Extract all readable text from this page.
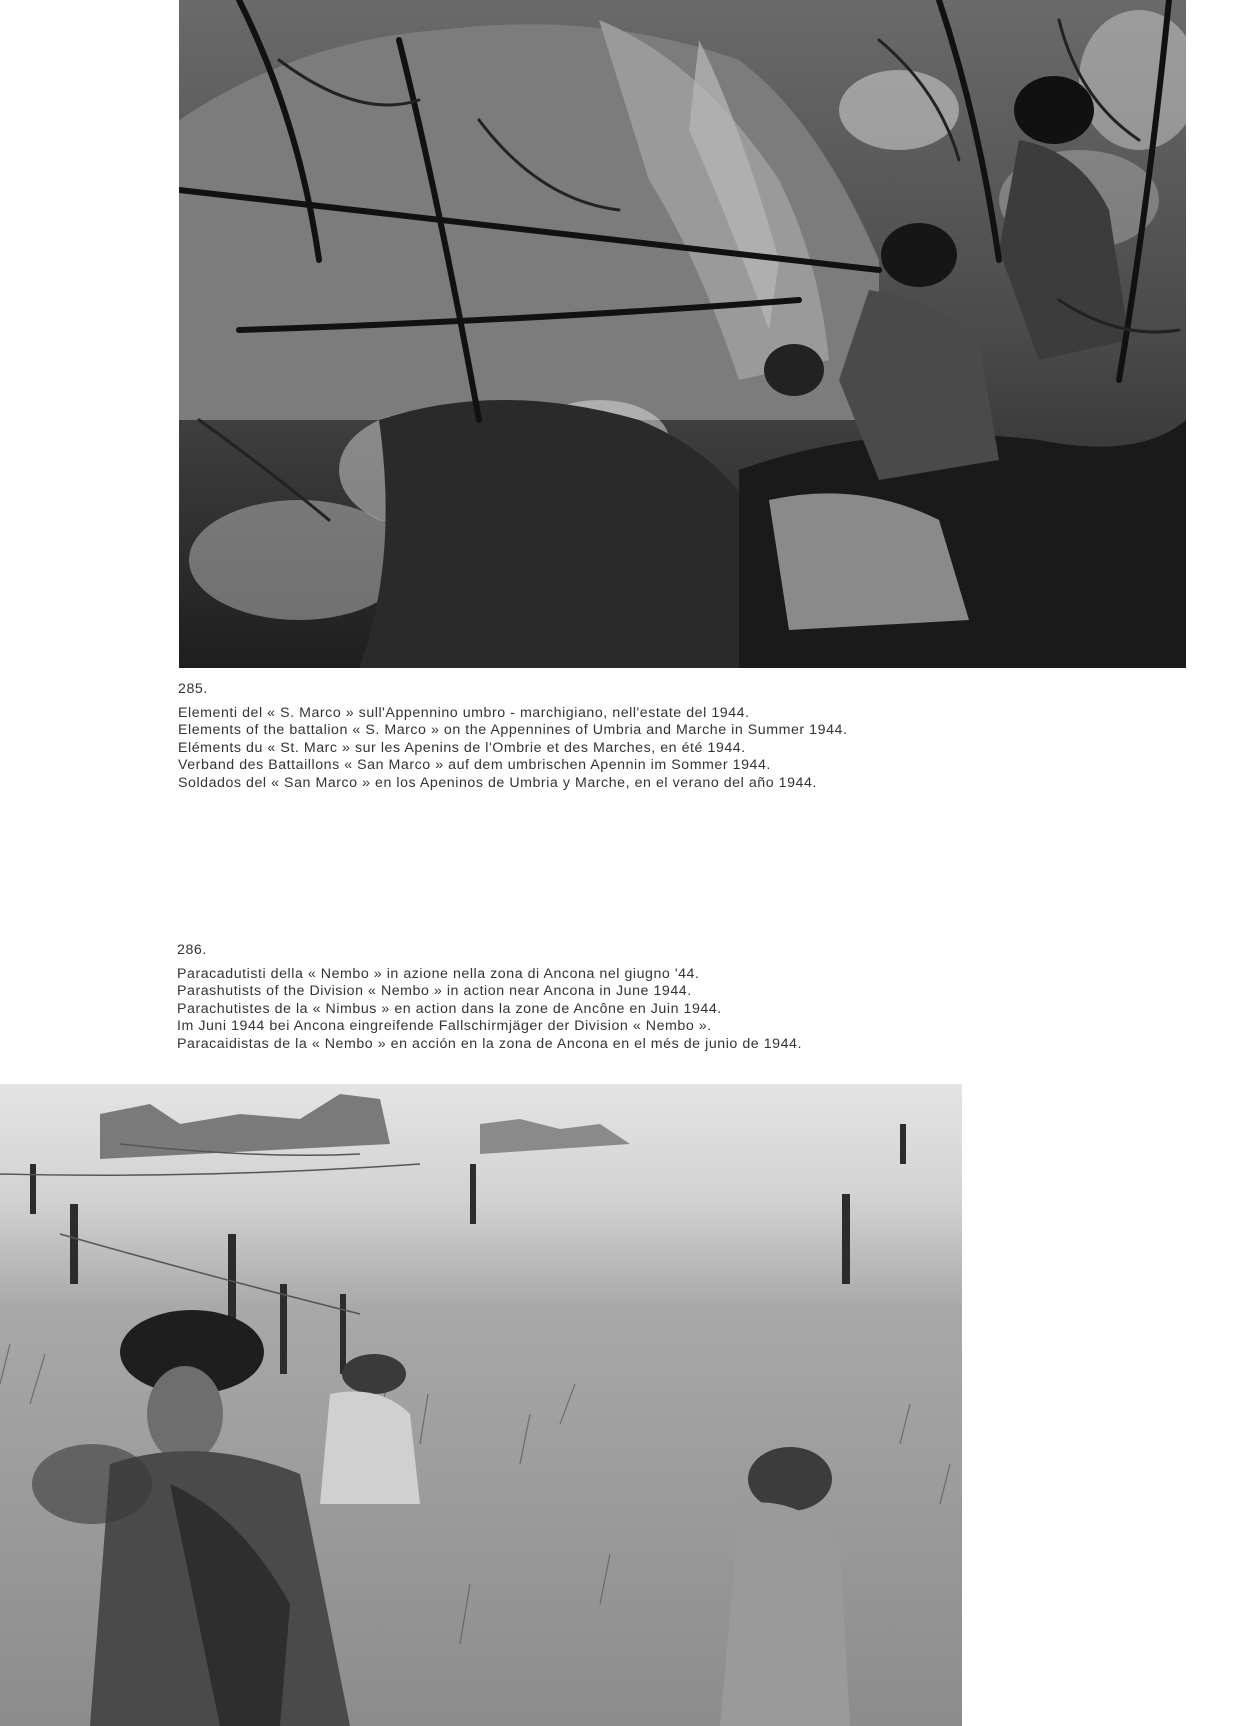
285.
Elementi del « S. Marco » sull'Appennino umbro - marchigiano, nell'estate del 1944.
Elements of the battalion « S. Marco » on the Appennines of Umbria and Marche in Summer 1944.
Eléments du « St. Marc » sur les Apenins de l'Ombrie et des Marches, en été 1944.
Verband des Battaillons « San Marco » auf dem umbrischen Apennin im Sommer 1944.
Soldados del « San Marco » en los Apeninos de Umbria y Marche, en el verano del año 1944.
286.
Paracadutisti della « Nembo » in azione nella zona di Ancona nel giugno '44.
Parashutists of the Division « Nembo » in action near Ancona in June 1944.
Parachutistes de la « Nimbus » en action dans la zone de Ancône en Juin 1944.
Im Juni 1944 bei Ancona eingreifende Fallschirmjäger der Division « Nembo ».
Paracaidistas de la « Nembo » en acción en la zona de Ancona en el més de junio de 1944.
